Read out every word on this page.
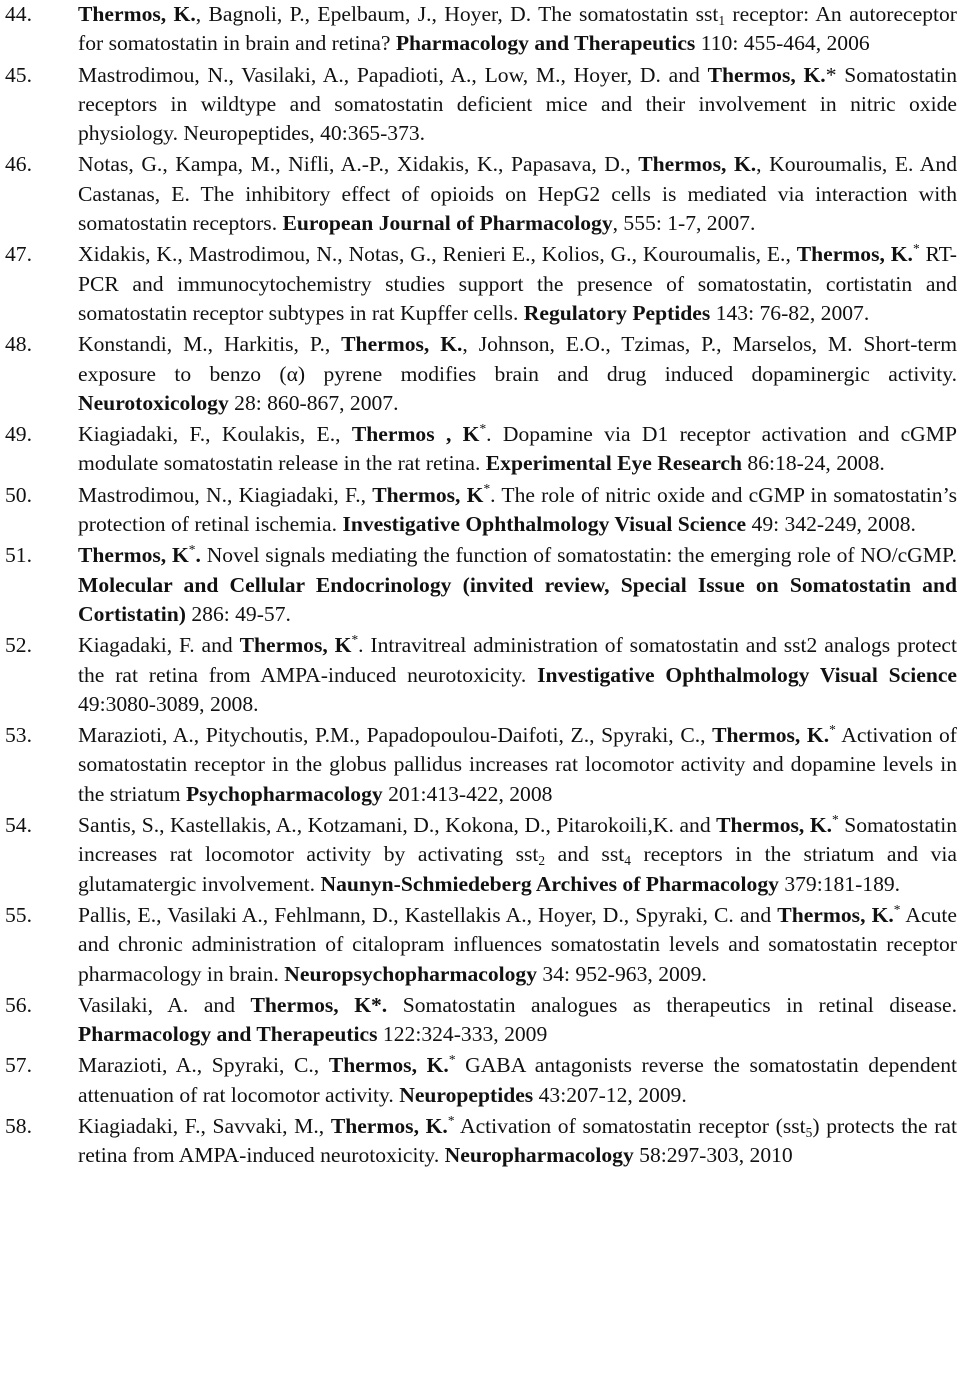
44. Thermos, K., Bagnoli, P., Epelbaum, J., Hoyer, D. The somatostatin sst$_1$ receptor: An autoreceptor for somatostatin in brain and retina? Pharmacology and Therapeutics 110: 455-464, 2006
45. Mastrodimou, N., Vasilaki, A., Papadioti, A., Low, M., Hoyer, D. and Thermos, K.* Somatostatin receptors in wildtype and somatostatin deficient mice and their involvement in nitric oxide physiology. Neuropeptides, 40:365-373.
46. Notas, G., Kampa, M., Nifli, A.-P., Xidakis, K., Papasava, D., Thermos, K., Kouroumalis, E. And Castanas, E. The inhibitory effect of opioids on HepG2 cells is mediated via interaction with somatostatin receptors. European Journal of Pharmacology, 555: 1-7, 2007.
47. Xidakis, K., Mastrodimou, N., Notas, G., Renieri E., Kolios, G., Kouroumalis, E., Thermos, K.* RT-PCR and immunocytochemistry studies support the presence of somatostatin, cortistatin and somatostatin receptor subtypes in rat Kupffer cells. Regulatory Peptides 143: 76-82, 2007.
48. Konstandi, M., Harkitis, P., Thermos, K., Johnson, E.O., Tzimas, P., Marselos, M. Short-term exposure to benzo (α) pyrene modifies brain and drug induced dopaminergic activity. Neurotoxicology 28: 860-867, 2007.
49. Kiagiadaki, F., Koulakis, E., Thermos , K*. Dopamine via D1 receptor activation and cGMP modulate somatostatin release in the rat retina. Experimental Eye Research 86:18-24, 2008.
50. Mastrodimou, N., Kiagiadaki, F., Thermos, K*. The role of nitric oxide and cGMP in somatostatin’s protection of retinal ischemia. Investigative Ophthalmology Visual Science 49: 342-249, 2008.
51. Thermos, K*. Novel signals mediating the function of somatostatin: the emerging role of NO/cGMP. Molecular and Cellular Endocrinology (invited review, Special Issue on Somatostatin and Cortistatin) 286: 49-57.
52. Kiagadaki, F. and Thermos, K*. Intravitreal administration of somatostatin and sst2 analogs protect the rat retina from AMPA-induced neurotoxicity. Investigative Ophthalmology Visual Science 49:3080-3089, 2008.
53. Marazioti, A., Pitychoutis, P.M., Papadopoulou-Daifoti, Z., Spyraki, C., Thermos, K.* Activation of somatostatin receptor in the globus pallidus increases rat locomotor activity and dopamine levels in the striatum Psychopharmacology 201:413-422, 2008
54. Santis, S., Kastellakis, A., Kotzamani, D., Kokona, D., Pitarokoili,K. and Thermos, K.* Somatostatin increases rat locomotor activity by activating sst$_2$ and sst$_4$ receptors in the striatum and via glutamatergic involvement. Naunyn-Schmiedeberg Archives of Pharmacology 379:181-189.
55. Pallis, E., Vasilaki A., Fehlmann, D., Kastellakis A., Hoyer, D., Spyraki, C. and Thermos, K.* Acute and chronic administration of citalopram influences somatostatin levels and somatostatin receptor pharmacology in brain. Neuropsychopharmacology 34: 952-963, 2009.
56. Vasilaki, A. and Thermos, K*. Somatostatin analogues as therapeutics in retinal disease. Pharmacology and Therapeutics 122:324-333, 2009
57. Marazioti, A., Spyraki, C., Thermos, K.* GABA antagonists reverse the somatostatin dependent attenuation of rat locomotor activity. Neuropeptides 43:207-12, 2009.
58. Kiagiadaki, F., Savvaki, M., Thermos, K.* Activation of somatostatin receptor (sst$_5$) protects the rat retina from AMPA-induced neurotoxicity. Neuropharmacology 58:297-303, 2010
